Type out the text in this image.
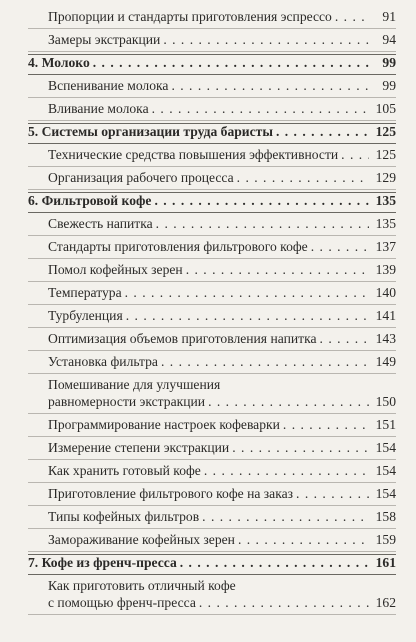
Пропорции и стандарты приготовления эспрессо . . .	91
Замеры экстракции . . .	94
4. Молоко . . .	99
Вспенивание молока . . .	99
Вливание молока . . .	105
5. Системы организации труда баристы . . .	125
Технические средства повышения эффективности . . .	125
Организация рабочего процесса . . .	129
6. Фильтровой кофе . . .	135
Свежесть напитка . . .	135
Стандарты приготовления фильтрового кофе . . .	137
Помол кофейных зерен . . .	139
Температура . . .	140
Турбуленция . . .	141
Оптимизация объемов приготовления напитка . . .	143
Установка фильтра . . .	149
Помешивание для улучшения
равномерности экстракции . . .	150
Программирование настроек кофеварки . . .	151
Измерение степени экстракции . . .	154
Как хранить готовый кофе . . .	154
Приготовление фильтрового кофе на заказ . . .	154
Типы кофейных фильтров . . .	158
Замораживание кофейных зерен . . .	159
7. Кофе из френч-пресса . . .	161
Как приготовить отличный кофе
с помощью френч-пресса . . .	162
